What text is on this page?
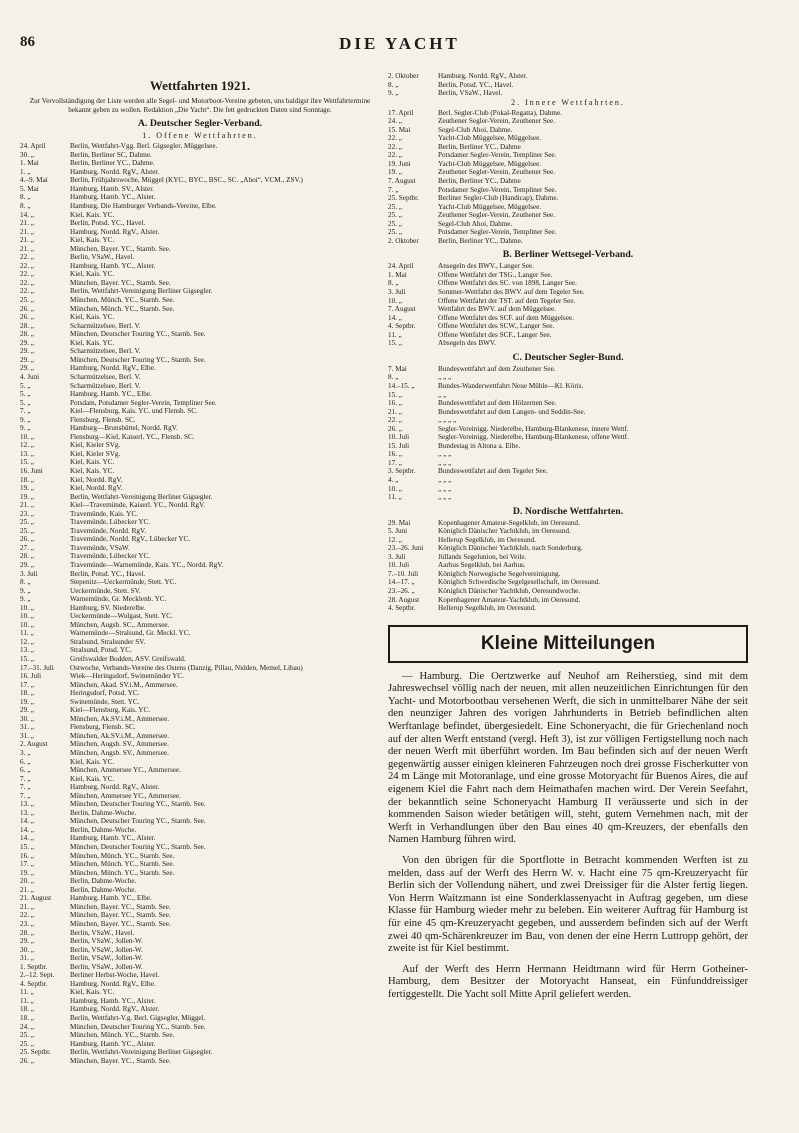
86	DIE YACHT
Wettfahrten 1921.
Zur Vervollständigung der Liste werden alle Segel- und Motorboot-Vereine gebeten, uns baldigst ihre Wettfahrtermine bekannt geben zu wollen. Redaktion „Die Yacht“. Die fett gedruckten Daten sind Sonntage.
A. Deutscher Segler-Verband.
1. Offene Wettfahrten.
24. April	Berlin, Wettfahrt-Vgg. Berl. Gigsegler, Müggelsee.
30. „	Berlin, Berliner SC, Dahme.
1. Mai	Berlin, Berliner YC., Dahme.
1. „	Hamburg, Nordd. RgV., Alster.
4.–9. Mai	Berlin, Frühjahrswoche, Müggel (KYC., BYC., BSC., SC. „Ahoi“, VCM., ZSV.)
5. Mai	Hamburg, Hamb. SV., Alster.
8. „	Hamburg, Hamb. YC., Alster.
8. „	Hamburg, Die Hamburger Verbands-Vereine, Elbe.
14. „	Kiel, Kais. YC.
21. „	Berlin, Potsd. YC., Havel.
21. „	Hamburg, Nordd. RgV., Alster.
21. „	Kiel, Kais. YC.
21. „	München, Bayer. YC., Starnb. See.
22. „	Berlin, VSaW., Havel.
22. „	Hamburg, Hamb. YC., Alster.
22. „	Kiel, Kais. YC.
22. „	München, Bayer. YC., Starnb. See.
22. „	Berlin, Wettfahrt-Vereinigung Berliner Gigsegler.
25. „	München, Münch. YC., Starnb. See.
26. „	München, Münch. YC., Starnb. See.
26. „	Kiel, Kais. YC.
28. „	Scharmützelsee, Berl. V.
28. „	München, Deutscher Touring YC., Starnb. See.
29. „	Kiel, Kais. YC.
29. „	Scharmützelsee, Berl. V.
29. „	München, Deutscher Touring YC., Starnb. See.
29. „	Hamburg, Nordd. RgV., Elbe.
4. Juni	Scharmützelsee, Berl. V.
5. „	Scharmützelsee, Berl. V.
5. „	Hamburg, Hamb. YC., Elbe.
5. „	Potsdam, Potsdamer Segler-Verein, Templiner See.
7. „	Kiel—Flensburg, Kais. YC. und Flensb. SC.
9. „	Flensburg, Flensb. SC.
9. „	Hamburg—Brunsbüttel, Nordd. RgV.
10. „	Flensburg—Kiel, Kaiserl. YC., Flensb. SC.
12. „	Kiel, Kieler SVg.
13. „	Kiel, Kieler SVg.
15. „	Kiel, Kais. YC.
16. Juni	Kiel, Kais. YC.
18. „	Kiel, Nordd. RgV.
19. „	Kiel, Nordd. RgV.
19. „	Berlin, Wettfahrt-Vereinigung Berliner Gigsegler.
21. „	Kiel—Travemünde, Kaiserl. YC., Nordd. RgV.
23. „	Travemünde, Kais. YC.
25. „	Travemünde, Lübecker YC.
25. „	Travemünde, Nordd. RgV.
26. „	Travemünde, Nordd. RgV., Lübecker YC.
27. „	Travemünde, VSaW.
28. „	Travemünde, Lübecker YC.
29. „	Travemünde—Warnemünde, Kais. YC., Nordd. RgV.
3. Juli	Berlin, Potsd. YC., Havel.
8. „	Stepenitz—Ueckermünde, Stett. YC.
9. „	Ueckermünde, Stett. SV.
9. „	Warnemünde, Gr. Mecklenb. YC.
10. „	Hamburg, SV. Niederelbe.
10. „	Ueckermünde—Wolgast, Stett. YC.
10. „	München, Augsb. SC., Ammersee.
11. „	Warnemünde—Stralsund, Gr. Meckl. YC.
12. „	Stralsund, Stralsunder SV.
13. „	Stralsund, Potsd. YC.
15. „	Greifswalder Bodden, ASV. Greifswald.
17.–31. Juli	Ostwoche, Verbands-Vereine des Ostens (Danzig, Pillau, Nidden, Memel, Libau)
16. Juli	Wiek—Heringsdorf, Swinemünder YC.
17. „	München, Akad. SV.i.M., Ammersee.
18. „	Heringsdorf, Potsd. YC.
19. „	Swinemünde, Stett. YC.
29. „	Kiel—Flensburg, Kais. YC.
30. „	München, Ak.SV.i.M., Ammersee.
31. „	Flensburg, Flensb. SC.
31. „	München, Ak.SV.i.M., Ammersee.
2. August	München, Augsb. SV., Ammersee.
3. „	München, Augsb. SV., Ammersee.
6. „	Kiel, Kais. YC.
6. „	München, Ammersee YC., Ammersee.
7. „	Kiel, Kais. YC.
7. „	Hamburg, Nordd. RgV., Alster.
7. „	München, Ammersee YC., Ammersee.
13. „	München, Deutscher Touring YC., Starnb. See.
13. „	Berlin, Dahme-Woche.
14. „	München, Deutscher Touring YC., Starnb. See.
14. „	Berlin, Dahme-Woche.
14. „	Hamburg, Hamb. YC., Alster.
15. „	München, Deutscher Touring YC., Starnb. See.
16. „	München, Münch. YC., Starnb. See.
17. „	München, Münch. YC., Starnb. See.
19. „	München, Münch. YC., Starnb. See.
20. „	Berlin, Dahme-Woche.
21. „	Berlin, Dahme-Woche.
21. August	Hamburg, Hamb. YC., Elbe.
21. „	München, Bayer. YC., Starnb. See.
22. „	München, Bayer. YC., Starnb. See.
23. „	München, Bayer. YC., Starnb. See.
28. „	Berlin, VSaW., Havel.
29. „	Berlin, VSaW., Jollen-W.
30. „	Berlin, VSaW., Jollen-W.
31. „	Berlin, VSaW., Jollen-W.
1. Septbr.	Berlin, VSaW., Jollen-W.
2.–12. Sept.	Berliner Herbst-Woche, Havel.
4. Septbr.	Hamburg, Nordd. RgV., Elbe.
11. „	Kiel, Kais. YC.
11. „	Hamburg, Hamb. YC., Alster.
18. „	Hamburg, Nordd. RgV., Alster.
18. „	Berlin, Wettfahrt-V.g. Berl. Gigsegler, Müggel.
24. „	München, Deutscher Touring YC., Starnb. See.
25. „	München, Münch. YC., Starnb. See.
25. „	Hamburg, Hamb. YC., Alster.
25. Septbr.	Berlin, Wettfahrt-Vereinigung Berliner Gigsegler.
26. „	München, Bayer. YC., Starnb. See.
2. Oktober	Hamburg, Nordd. RgV., Alster.
8. „	Berlin, Potsd. YC., Havel.
9. „	Berlin, VSaW., Havel.
2. Innere Wettfahrten.
17. April	Berl. Segler-Club (Pokal-Regatta), Dahme.
24. „	Zeuthener Segler-Verein, Zeuthener See.
15. Mai	Segel-Club Ahoi, Dahme.
22. „	Yacht-Club Müggelsee, Müggelsee.
22. „	Berlin, Berliner YC., Dahme
22. „	Potsdamer Segler-Verein, Templiner See.
19. Juni	Yacht-Club Müggelsee, Müggelsee.
19. „	Zeuthener Segler-Verein, Zeuthener See.
7. August	Berlin, Berliner YC., Dahme
7. „	Potsdamer Segler-Verein, Templiner See.
25. Septbr.	Berliner Segler-Club (Handicap), Dahme.
25. „	Yacht-Club Müggelsee, Müggelsee.
25. „	Zeuthener Segler-Verein, Zeuthener See.
25. „	Segel-Club Ahoi, Dahme.
25. „	Potsdamer Segler-Verein, Templiner See.
2. Oktober	Berlin, Berliner YC., Dahme.
B. Berliner Wettsegel-Verband.
24. April	Ansegeln des BWV., Langer See.
1. Mai	Offene Wettfahrt der TSG., Langer See.
8. „	Offene Wettfahrt des SC. von 1898, Langer See.
3. Juli	Sommer-Wettfahrt des BWV. auf dem Tegeler See.
10. „	Offene Wettfahrt der TST. auf dem Tegeler See.
7. August	Wettfahrt des BWV. auf dem Müggelsee.
14. „	Offene Wettfahrt des SCF. auf dem Müggelsee.
4. Septbr.	Offene Wettfahrt des SCW., Langer See.
11. „	Offene Wettfahrt des SCF., Langer See.
15. „	Absegeln des BWV.
C. Deutscher Segler-Bund.
7. Mai	Bundeswettfahrt auf dem Zeuthener See.
8. „	„ „ „
14.–15. „	Bundes-Wanderwettfahrt Neue Mühle—Kl. Köris.
15. „	„ „
16. „	Bundeswettfahrt auf dem Hölzernen See.
21. „	Bundeswettfahrt auf dem Langen- und Seddin-See.
22. „	„ „ „ „
26. „	Segler-Vereinigg. Niederelbe, Hamburg-Blankenese, innere Wettf.
10. Juli	Segler-Vereinigg. Niederelbe, Hamburg-Blankenese, offene Wettf.
15. Juli	Bundestag in Altona a. Elbe.
16. „	„ „ „
17. „	„ „ „
3. Septbr.	Bundeswettfahrt auf dem Tegeler See.
4. „	„ „ „
10. „	„ „ „
11. „	„ „ „
D. Nordische Wettfahrten.
29. Mai	Kopenhagener Amateur-Segelklub, im Oeresund.
5. Juni	Königlich Dänischer Yachtklub, im Oeresund.
12. „	Hellerup Segelklub, im Oeresund.
23.–26. Juni	Königlich Dänischer Yachtklub, nach Sonderburg.
3. Juli	Jüllands Segelunion, bei Veile.
10. Juli	Aarhus Segelklub, bei Aarhus.
7.–10. Juli	Königlich Norwegische Segelvereinigung.
14.–17. „	Königlich Schwedische Segelgesellschaft, im Oeresund.
23.–26. „	Königlich Dänischer Yachtklub, Oeresundwoche.
28. August	Kopenhagener Amateur-Yachtklub, im Oeresund.
4. Septbr.	Hellerup Segelklub, im Oeresund.
Kleine Mitteilungen

— Hamburg. Die Oertzwerke auf Neuhof am Reiherstieg, sind mit dem Jahreswechsel völlig nach der neuen, mit allen neuzeitlichen Einrichtungen für den Yacht- und Motorbootbau versehenen Werft, die sich in unmittelbarer Nähe der seit den neunziger Jahren des vorigen Jahrhunderts in Betrieb befindlichen alten Werftanlage befindet, übergesiedelt. Eine Schoneryacht, die für Griechenland noch auf der alten Werft entstand (vergl. Heft 3), ist zur völligen Fertigstellung noch nach der neuen Werft mit überführt worden. Im Bau befinden sich auf der neuen Werft gegenwärtig ausser einigen kleineren Fahrzeugen noch drei grosse Fischerkutter von 24 m Länge mit Motoranlage, und eine grosse Motoryacht für Buenos Aires, die auf eigenem Kiel die Fahrt nach dem Heimathafen machen wird. Der Verein Seefahrt, der bekanntlich seine Schoneryacht Hamburg II veräusserte und sich in der kommenden Saison wieder betätigen will, steht, gutem Vernehmen nach, mit der Werft in Verhandlungen über den Bau eines 40 qm-Kreuzers, der ebenfalls den Namen Hamburg führen wird.

Von den übrigen für die Sportflotte in Betracht kommenden Werften ist zu melden, dass auf der Werft des Herrn W. v. Hacht eine 75 qm-Kreuzeryacht für Berlin sich der Vollendung nähert, und zwei Dreissiger für die Alster fertig liegen. Von Herrn Waitzmann ist eine Sonderklassenyacht in Auftrag gegeben, um diese Klasse für Hamburg wieder mehr zu beleben. Ein weiterer Auftrag für Hamburg ist für eine 45 qm-Kreuzeryacht gegeben, und ausserdem befinden sich auf der Werft zwei 40 qm-Schärenkreuzer im Bau, von denen der eine Herrn Luttropp gehört, der zweite ist für Kiel bestimmt.

Auf der Werft des Herrn Hermann Heidtmann wird für Herrn Gotheiner-Hamburg, dem Besitzer der Motoryacht Hanseat, ein Fünfunddreissiger fertiggestellt. Die Yacht soll Mitte April geliefert werden.
